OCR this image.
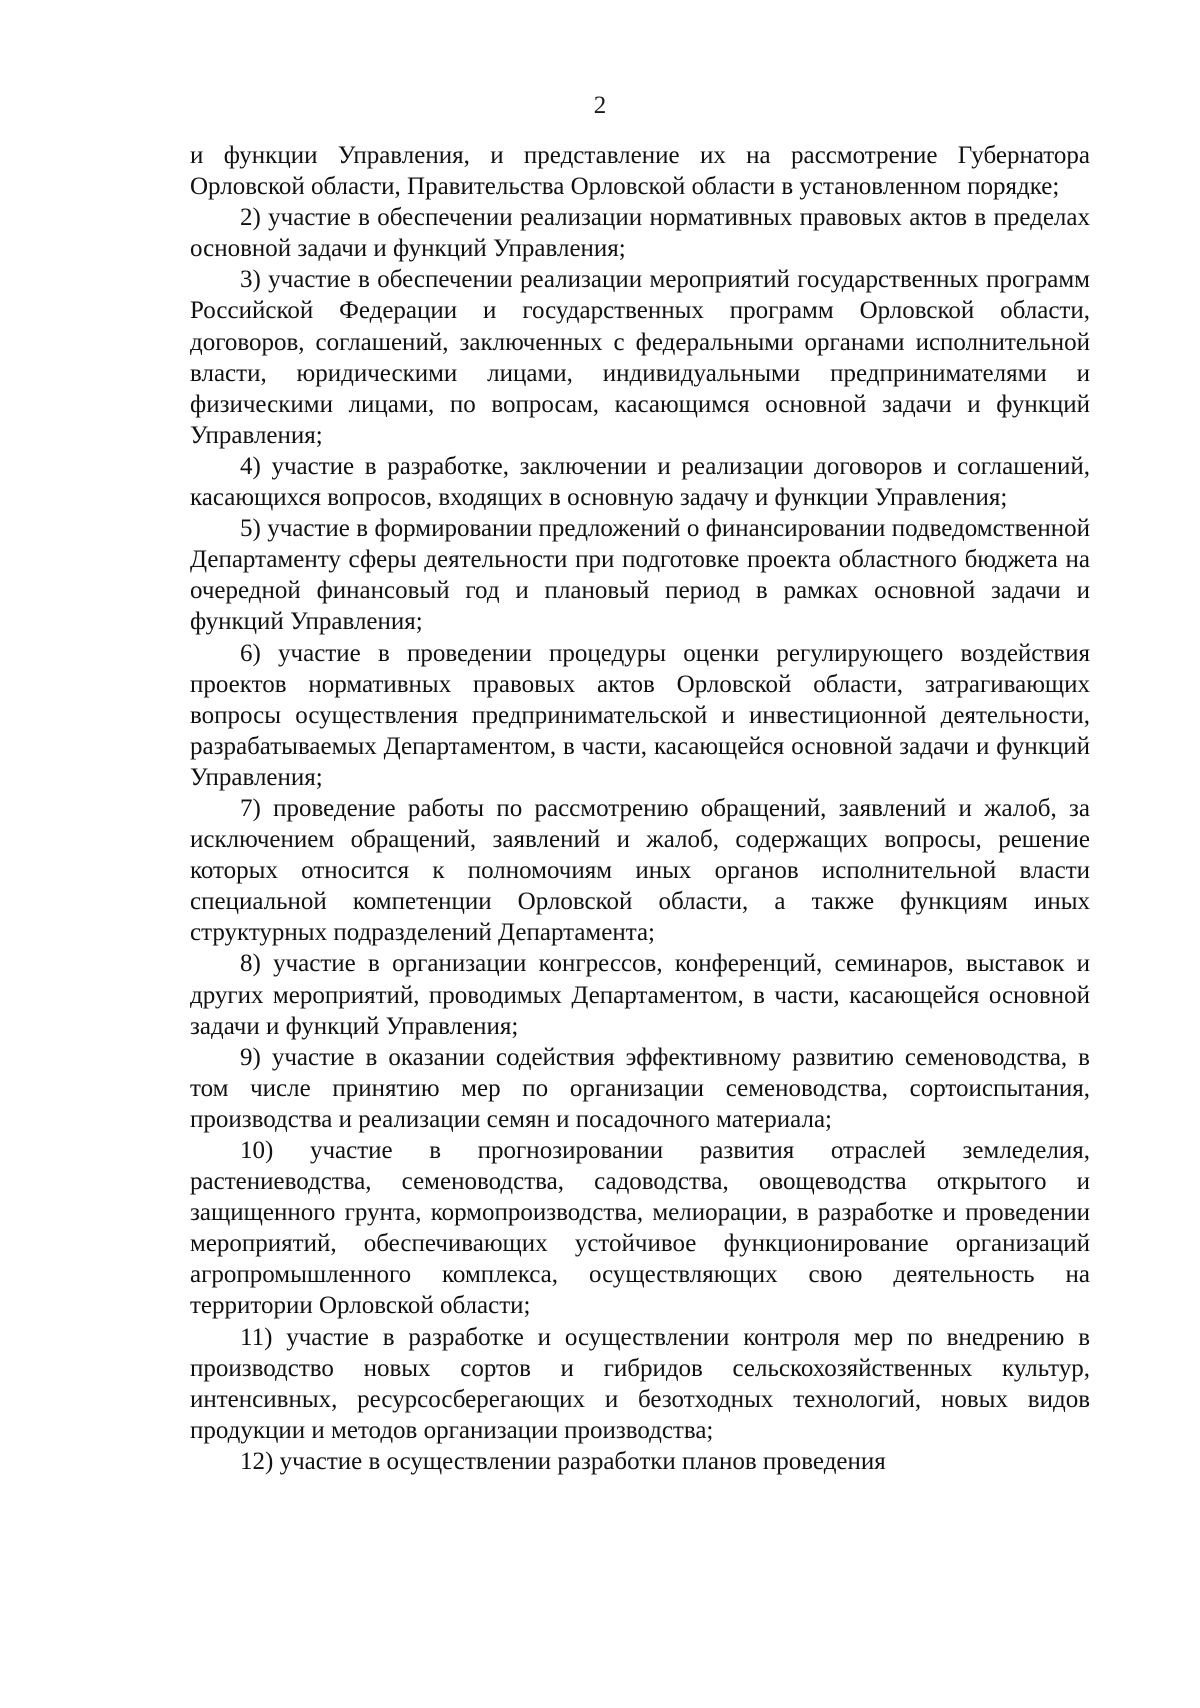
2

и функции Управления, и представление их на рассмотрение Губернатора Орловской области, Правительства Орловской области в установленном порядке;

2) участие в обеспечении реализации нормативных правовых актов в пределах основной задачи и функций Управления;

3) участие в обеспечении реализации мероприятий государственных программ Российской Федерации и государственных программ Орловской области, договоров, соглашений, заключенных с федеральными органами исполнительной власти, юридическими лицами, индивидуальными предпринимателями и физическими лицами, по вопросам, касающимся основной задачи и функций Управления;

4) участие в разработке, заключении и реализации договоров и соглашений, касающихся вопросов, входящих в основную задачу и функции Управления;

5) участие в формировании предложений о финансировании подведомственной Департаменту сферы деятельности при подготовке проекта областного бюджета на очередной финансовый год и плановый период в рамках основной задачи и функций Управления;

6) участие в проведении процедуры оценки регулирующего воздействия проектов нормативных правовых актов Орловской области, затрагивающих вопросы осуществления предпринимательской и инвестиционной деятельности, разрабатываемых Департаментом, в части, касающейся основной задачи и функций Управления;

7) проведение работы по рассмотрению обращений, заявлений и жалоб, за исключением обращений, заявлений и жалоб, содержащих вопросы, решение которых относится к полномочиям иных органов исполнительной власти специальной компетенции Орловской области, а также функциям иных структурных подразделений Департамента;

8) участие в организации конгрессов, конференций, семинаров, выставок и других мероприятий, проводимых Департаментом, в части, касающейся основной задачи и функций Управления;

9) участие в оказании содействия эффективному развитию семеноводства, в том числе принятию мер по организации семеноводства, сортоиспытания, производства и реализации семян и посадочного материала;

10) участие в прогнозировании развития отраслей земледелия, растениеводства, семеноводства, садоводства, овощеводства открытого и защищенного грунта, кормопроизводства, мелиорации, в разработке и проведении мероприятий, обеспечивающих устойчивое функционирование организаций агропромышленного комплекса, осуществляющих свою деятельность на территории Орловской области;

11) участие в разработке и осуществлении контроля мер по внедрению в производство новых сортов и гибридов сельскохозяйственных культур, интенсивных, ресурсосберегающих и безотходных технологий, новых видов продукции и методов организации производства;

12) участие в осуществлении разработки планов проведения
